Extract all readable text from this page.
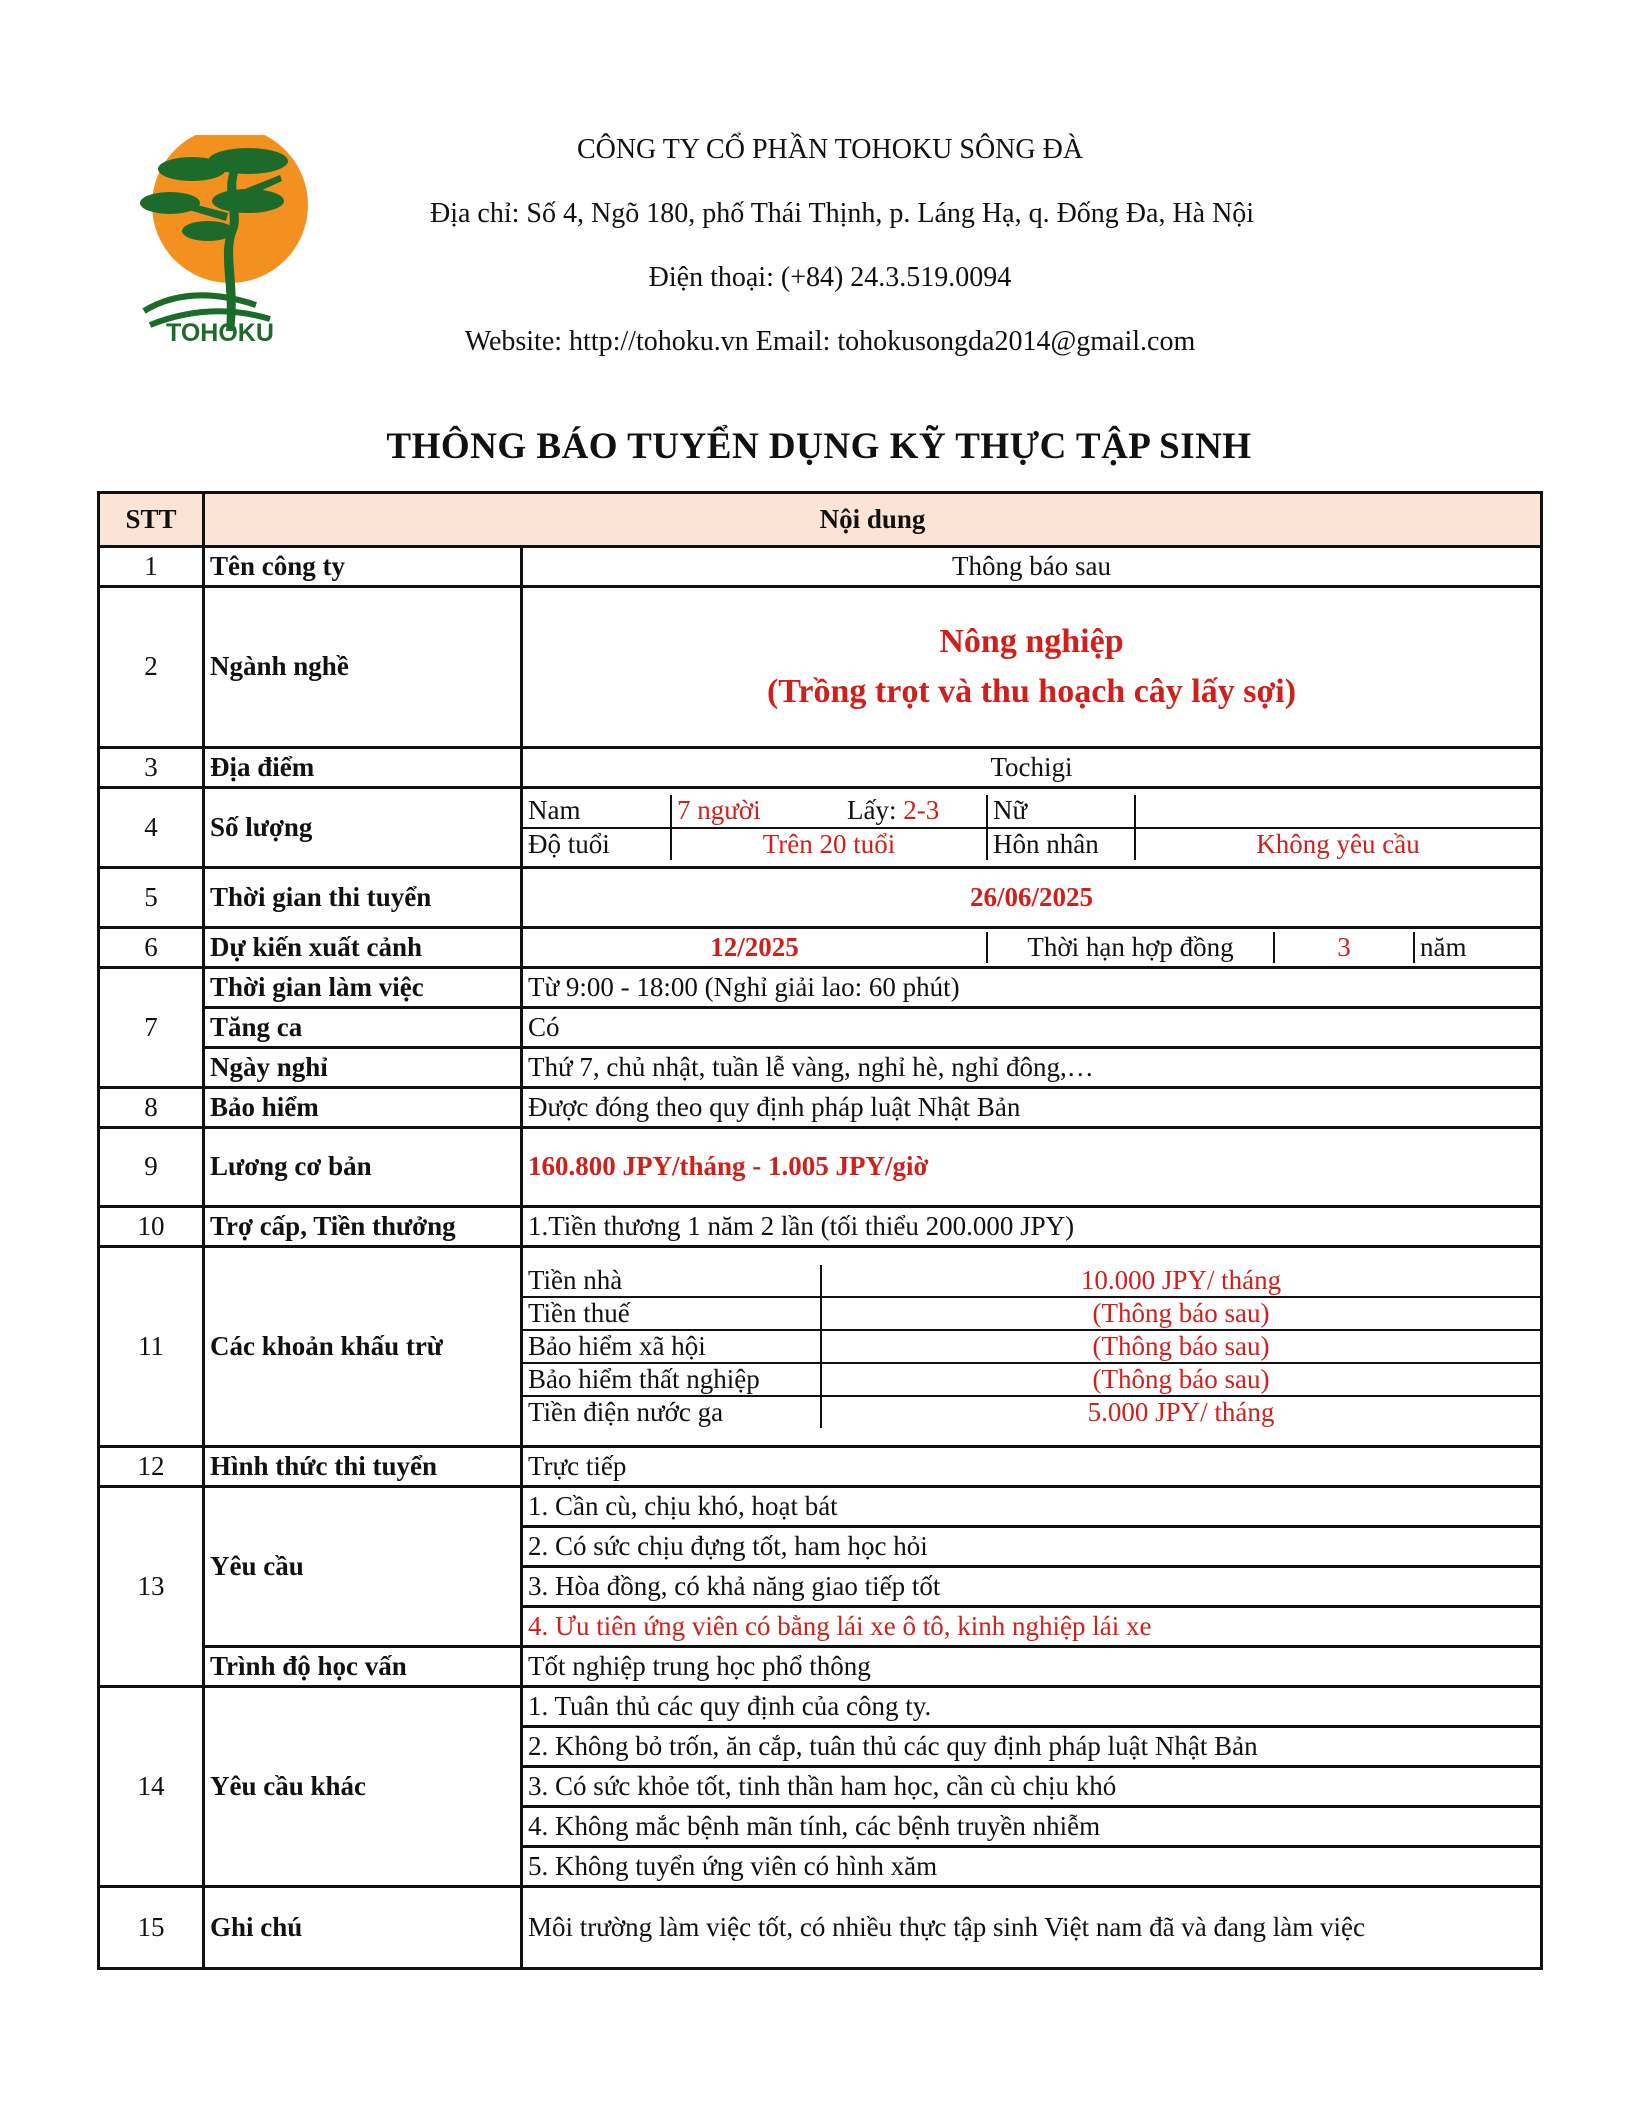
TOHOKU
CÔNG TY CỔ PHẦN TOHOKU SÔNG ĐÀ
Địa chỉ: Số 4, Ngõ 180, phố Thái Thịnh, p. Láng Hạ, q. Đống Đa, Hà Nội
Điện thoại: (+84) 24.3.519.0094
Website: http://tohoku.vn Email: tohokusongda2014@gmail.com
THÔNG BÁO TUYỂN DỤNG KỸ THỰC TẬP SINH
STT	Nội dung
1	Tên công ty	Thông báo sau
2	Ngành nghề	
Nông nghiệp
(Trồng trọt và thu hoạch cây lấy sợi)

3	Địa điểm	Tochigi
4	Số lượng	
Nam	7 người	Lấy: 2-3	Nữ	
Độ tuổi	Trên 20 tuổi	Hôn nhân	Không yêu cầu

5	Thời gian thi tuyển	26/06/2025
6	Dự kiến xuất cảnh		12/2025	Thời hạn hợp đồng	3	năm

7	Thời gian làm việc	Từ 9:00 - 18:00 (Nghỉ giải lao: 60 phút)
Tăng ca	Có
Ngày nghỉ	Thứ 7, chủ nhật, tuần lễ vàng, nghỉ hè, nghỉ đông,…
8	Bảo hiểm	Được đóng theo quy định pháp luật Nhật Bản
9	Lương cơ bản	160.800 JPY/tháng - 1.005 JPY/giờ
10	Trợ cấp, Tiền thưởng	1.Tiền thương 1 năm 2 lần (tối thiểu 200.000 JPY)
11	Các khoản khấu trừ	
Tiền nhà	10.000 JPY/ tháng
Tiền thuế	(Thông báo sau)
Bảo hiểm xã hội	(Thông báo sau)
Bảo hiểm thất nghiệp	(Thông báo sau)
Tiền điện nước ga	5.000 JPY/ tháng

12	Hình thức thi tuyển	Trực tiếp
13	Yêu cầu	1. Cần cù, chịu khó, hoạt bát
2. Có sức chịu đựng tốt, ham học hỏi
3. Hòa đồng, có khả năng giao tiếp tốt
4. Ưu tiên ứng viên có bằng lái xe ô tô, kinh nghiệp lái xe
Trình độ học vấn	Tốt nghiệp trung học phổ thông
14	Yêu cầu khác	1. Tuân thủ các quy định của công ty.
2. Không bỏ trốn, ăn cắp, tuân thủ các quy định pháp luật Nhật Bản
3. Có sức khỏe tốt, tinh thần ham học, cần cù chịu khó
4. Không mắc bệnh mãn tính, các bệnh truyền nhiễm
5. Không tuyển ứng viên có hình xăm
15	Ghi chú	Môi trường làm việc tốt, có nhiều thực tập sinh Việt nam đã và đang làm việc
